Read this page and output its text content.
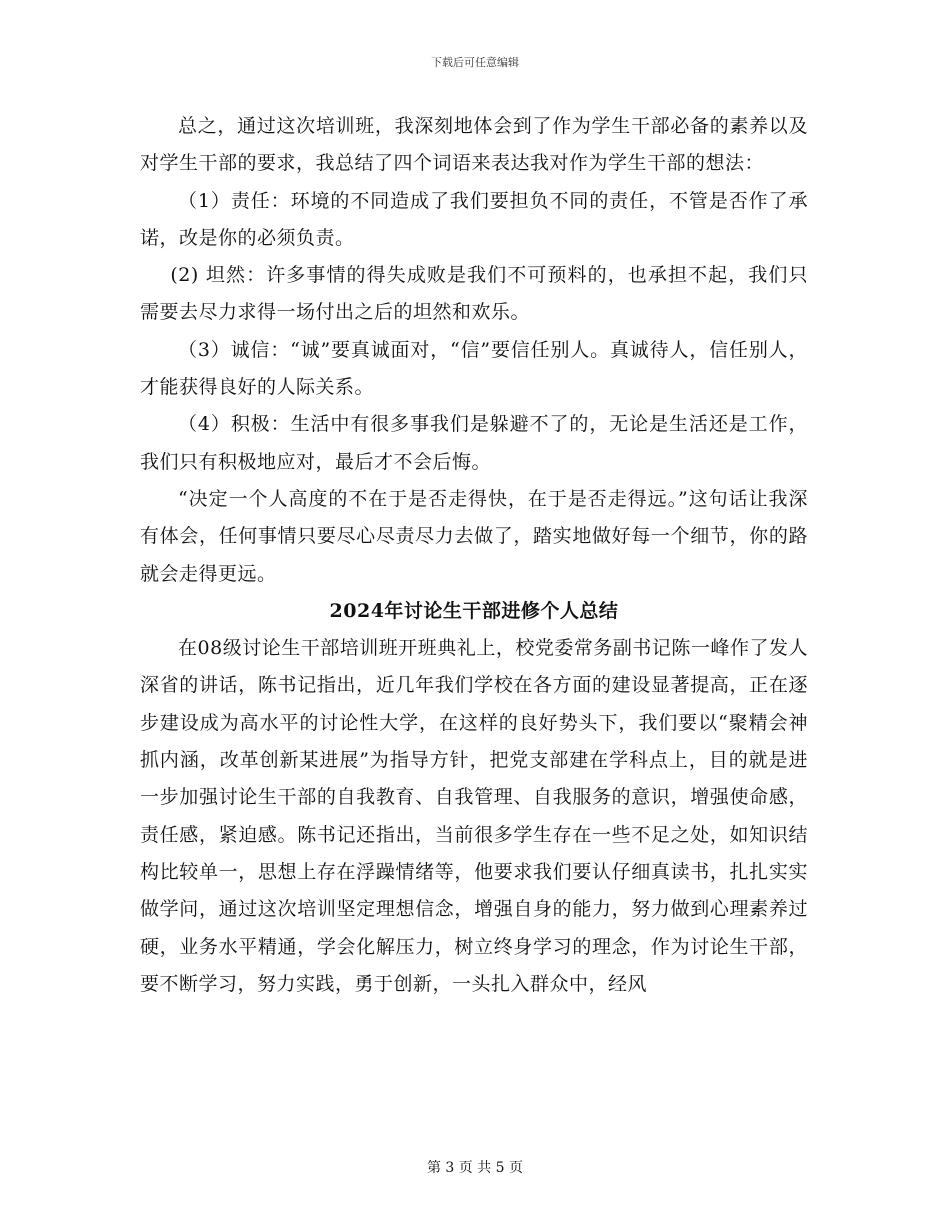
下载后可任意编辑

总之，通过这次培训班，我深刻地体会到了作为学生干部必备的素养以及对学生干部的要求，我总结了四个词语来表达我对作为学生干部的想法：

（1）责任：环境的不同造成了我们要担负不同的责任，不管是否作了承诺，改是你的必须负责。

(2) 坦然：许多事情的得失成败是我们不可预料的，也承担不起，我们只需要去尽力求得一场付出之后的坦然和欢乐。

（3）诚信：“诚”要真诚面对，“信”要信任别人。真诚待人，信任别人，才能获得良好的人际关系。

（4）积极：生活中有很多事我们是躲避不了的，无论是生活还是工作，我们只有积极地应对，最后才不会后悔。

“决定一个人高度的不在于是否走得快，在于是否走得远。”这句话让我深有体会，任何事情只要尽心尽责尽力去做了，踏实地做好每一个细节，你的路就会走得更远。

2024年讨论生干部进修个人总结

在08级讨论生干部培训班开班典礼上，校党委常务副书记陈一峰作了发人深省的讲话，陈书记指出，近几年我们学校在各方面的建设显著提高，正在逐步建设成为高水平的讨论性大学，在这样的良好势头下，我们要以“聚精会神抓内涵，改革创新某进展”为指导方针，把党支部建在学科点上，目的就是进一步加强讨论生干部的自我教育、自我管理、自我服务的意识，增强使命感，责任感，紧迫感。陈书记还指出，当前很多学生存在一些不足之处，如知识结构比较单一，思想上存在浮躁情绪等，他要求我们要认仔细真读书，扎扎实实做学问，通过这次培训坚定理想信念，增强自身的能力，努力做到心理素养过硬，业务水平精通，学会化解压力，树立终身学习的理念，作为讨论生干部，要不断学习，努力实践，勇于创新，一头扎入群众中，经风

第 3 页 共 5 页
